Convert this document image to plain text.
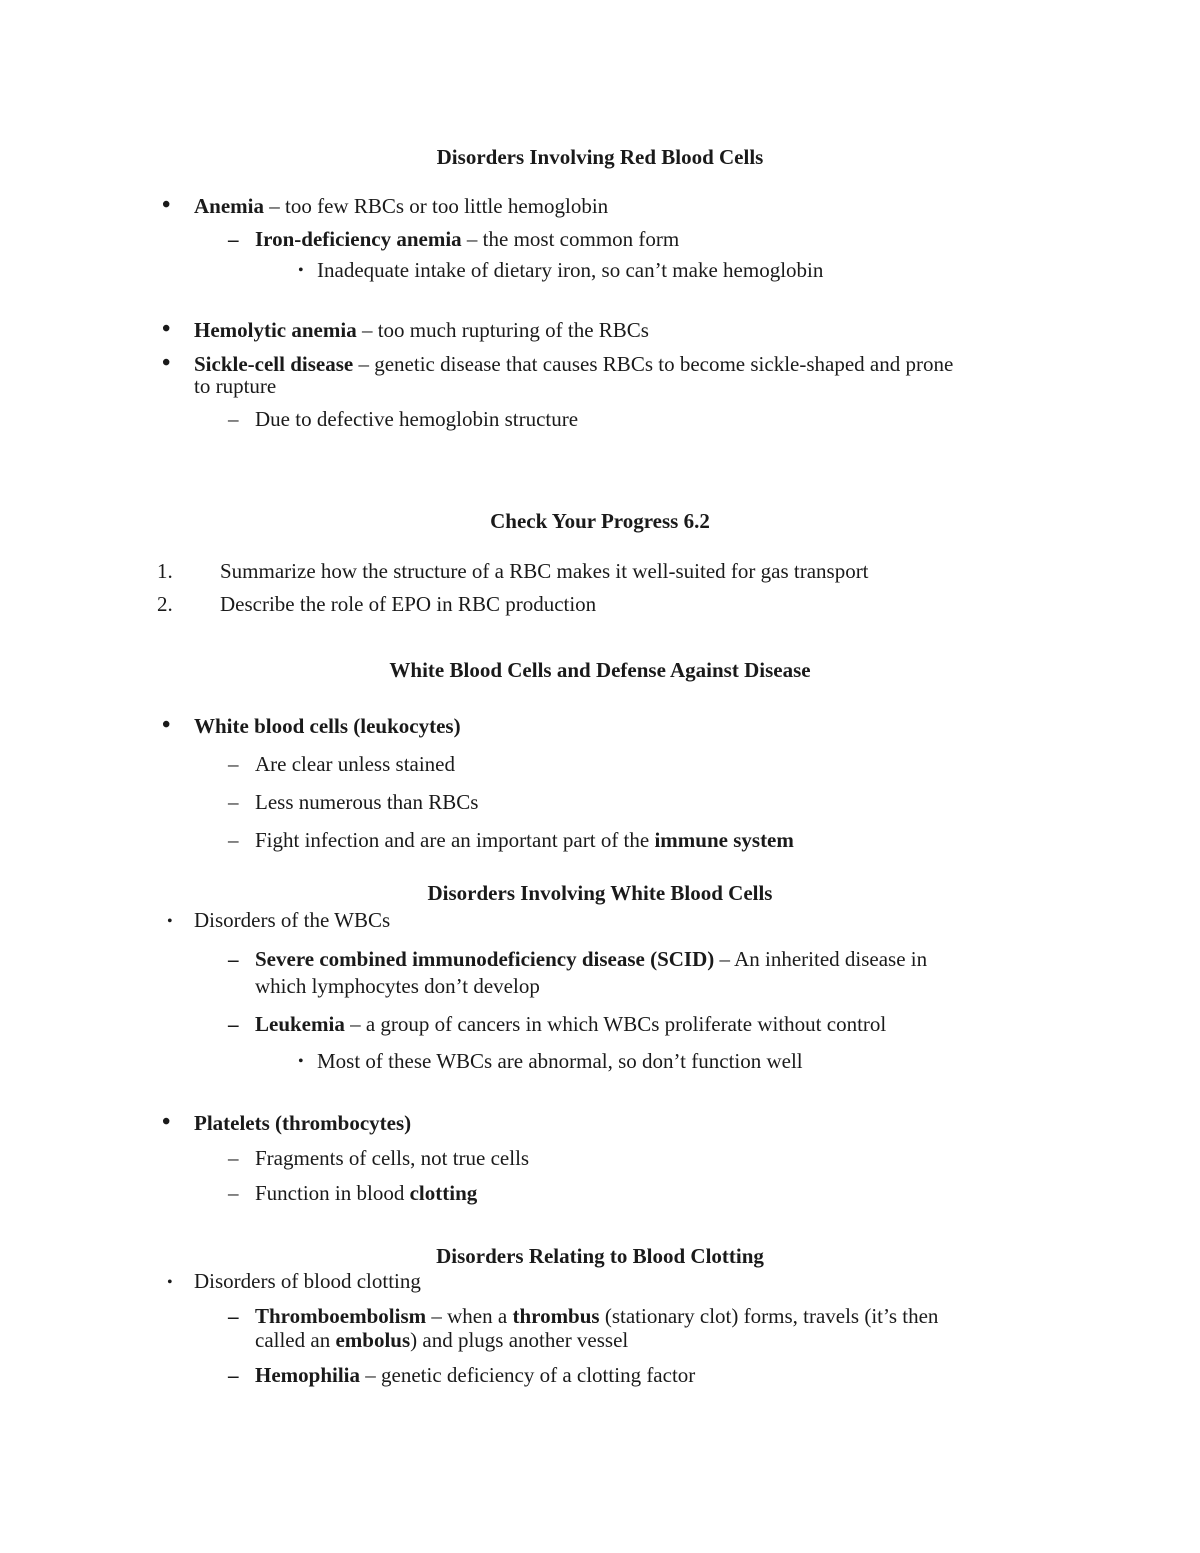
Disorders Involving Red Blood Cells
• Anemia – too few RBCs or too little hemoglobin
– Iron-deficiency anemia – the most common form
• Inadequate intake of dietary iron, so can’t make hemoglobin
• Hemolytic anemia – too much rupturing of the RBCs
• Sickle-cell disease – genetic disease that causes RBCs to become sickle-shaped and prone
to rupture
– Due to defective hemoglobin structure
Check Your Progress 6.2
1. Summarize how the structure of a RBC makes it well-suited for gas transport
2. Describe the role of EPO in RBC production
White Blood Cells and Defense Against Disease
• White blood cells (leukocytes)
– Are clear unless stained
– Less numerous than RBCs
– Fight infection and are an important part of the immune system
Disorders Involving White Blood Cells
• Disorders of the WBCs
– Severe combined immunodeficiency disease (SCID) – An inherited disease in
which lymphocytes don’t develop
– Leukemia – a group of cancers in which WBCs proliferate without control
• Most of these WBCs are abnormal, so don’t function well
• Platelets (thrombocytes)
– Fragments of cells, not true cells
– Function in blood clotting
Disorders Relating to Blood Clotting
• Disorders of blood clotting
– Thromboembolism – when a thrombus (stationary clot) forms, travels (it’s then
called an embolus) and plugs another vessel
– Hemophilia – genetic deficiency of a clotting factor
